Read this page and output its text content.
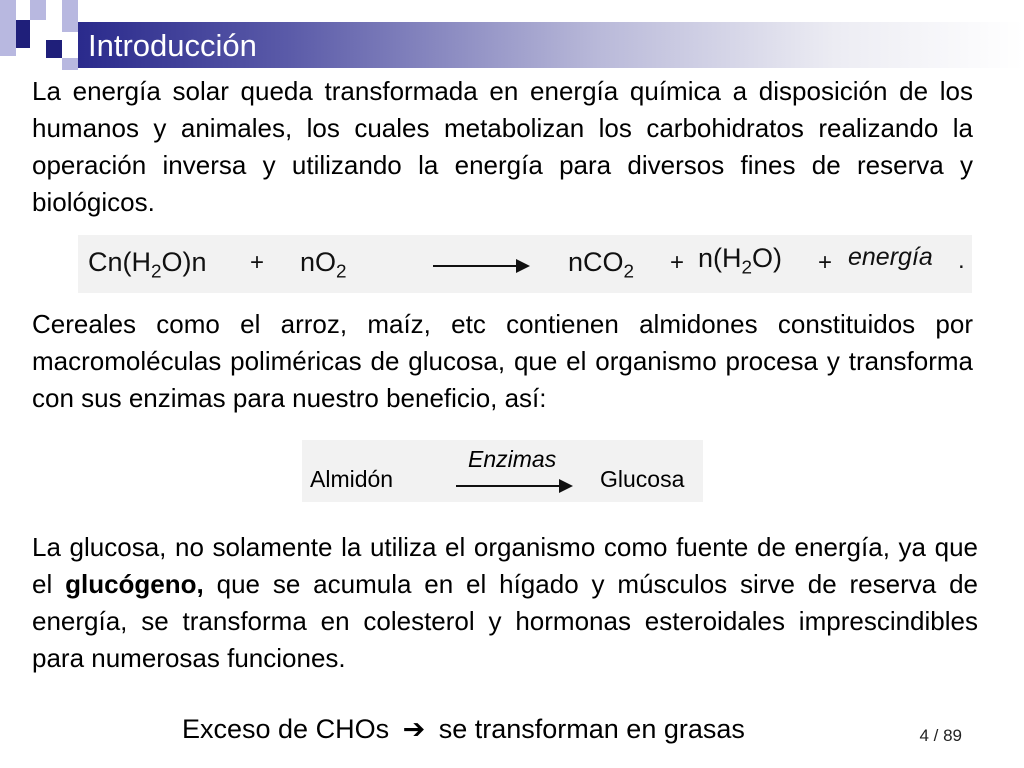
Introducción

La energía solar queda transformada en energía química a disposición de los humanos y animales, los cuales metabolizan los carbohidratos realizando la operación inversa y utilizando la energía para diversos fines de reserva y biológicos.

$Cn(H_2O)n + nO_2$	$nCO_2 + n(H_2O)$ + energía .

Cereales como el arroz, maíz, etc contienen almidones constituidos por macromoléculas poliméricas de glucosa, que el organismo procesa y transforma con sus enzimas para nuestro beneficio, así:

Almidón
Enzimas
Glucosa

La glucosa, no solamente la utiliza el organismo como fuente de energía, ya que el glucógeno, que se acumula en el hígado y músculos sirve de reserva de energía, se transforma en colesterol y hormonas esteroidales imprescindibles para numerosas funciones.

Exceso de CHOs ➔ se transforman en grasas	4 / 89
